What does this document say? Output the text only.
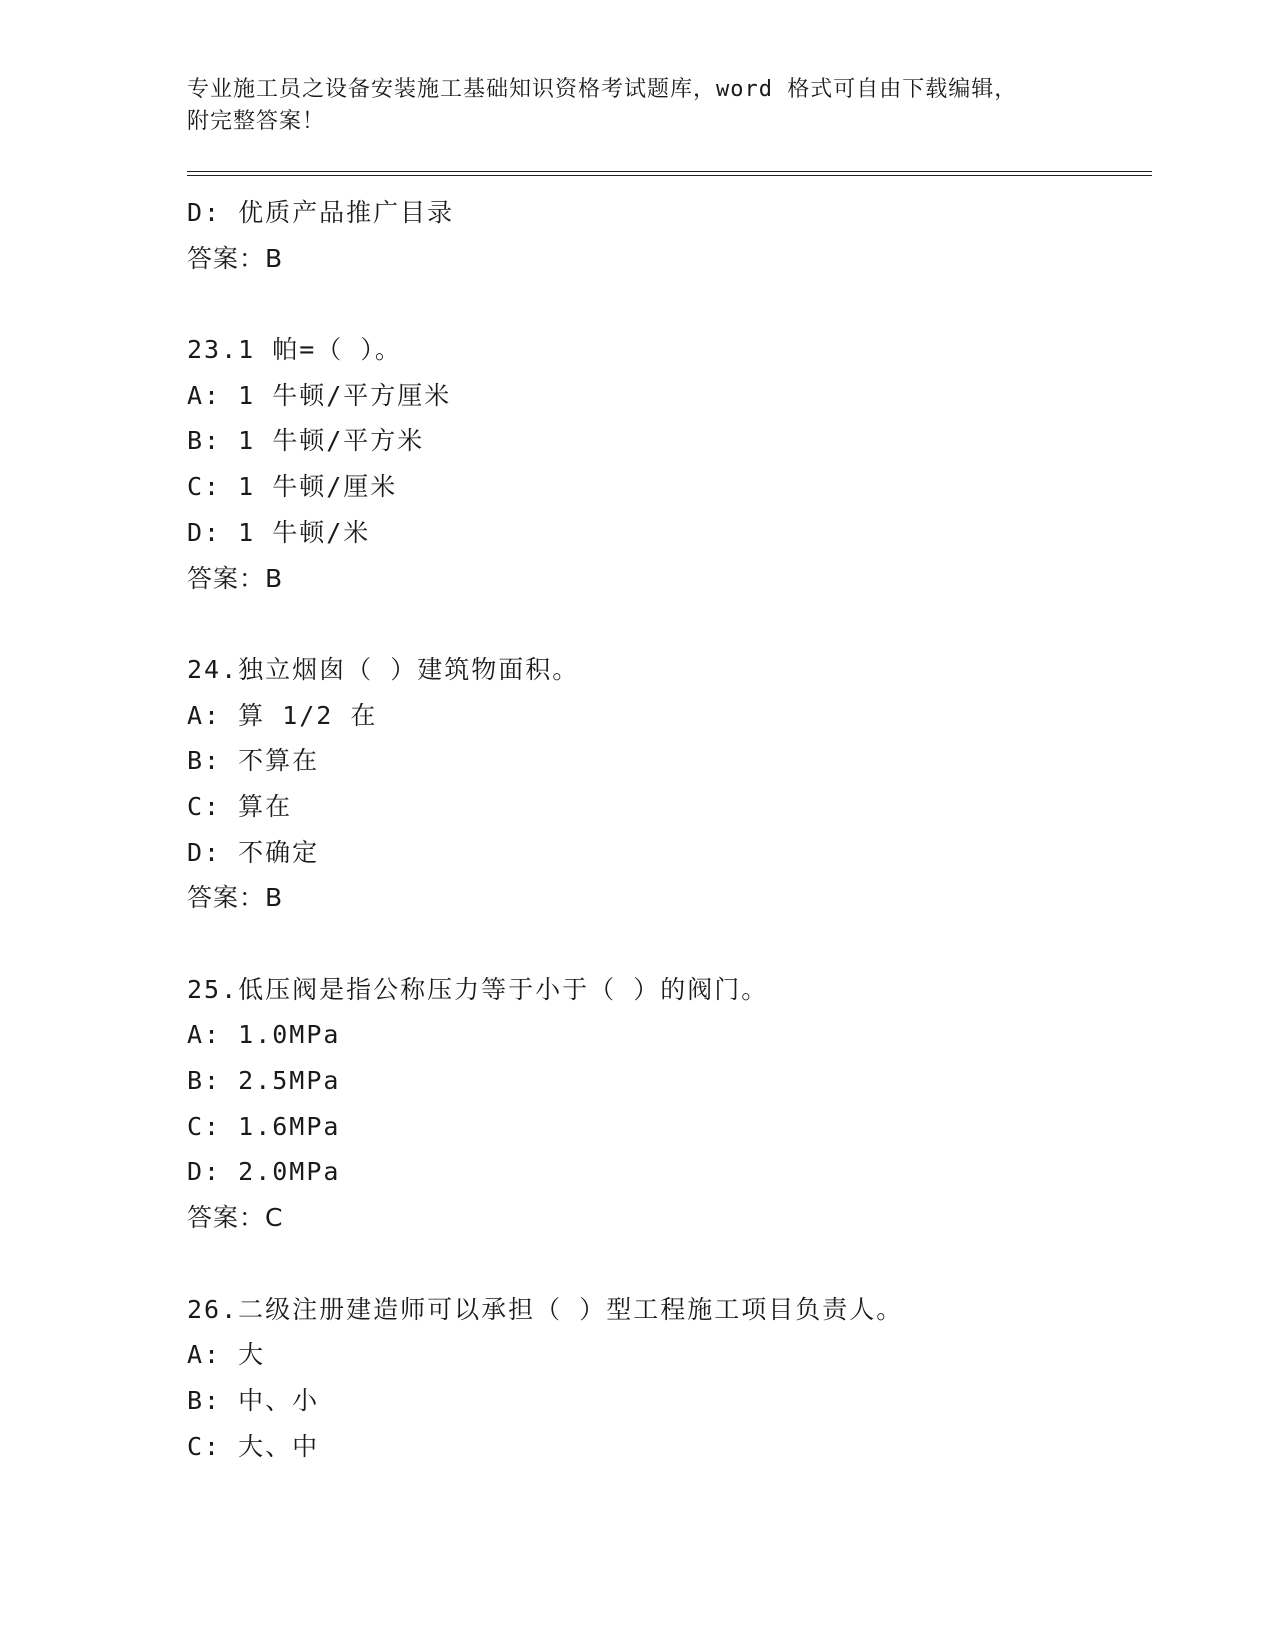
专业施工员之设备安装施工基础知识资格考试题库，word 格式可自由下载编辑，
附完整答案！
D: 优质产品推广目录
答案：B
23.1 帕=（ ）。
A: 1 牛顿/平方厘米
B: 1 牛顿/平方米
C: 1 牛顿/厘米
D: 1 牛顿/米
答案：B
24.独立烟囱（ ）建筑物面积。
A: 算 1/2 在
B: 不算在
C: 算在
D: 不确定
答案：B
25.低压阀是指公称压力等于小于（ ）的阀门。
A: 1.0MPa
B: 2.5MPa
C: 1.6MPa
D: 2.0MPa
答案：C
26.二级注册建造师可以承担（ ）型工程施工项目负责人。
A: 大
B: 中、小
C: 大、中
